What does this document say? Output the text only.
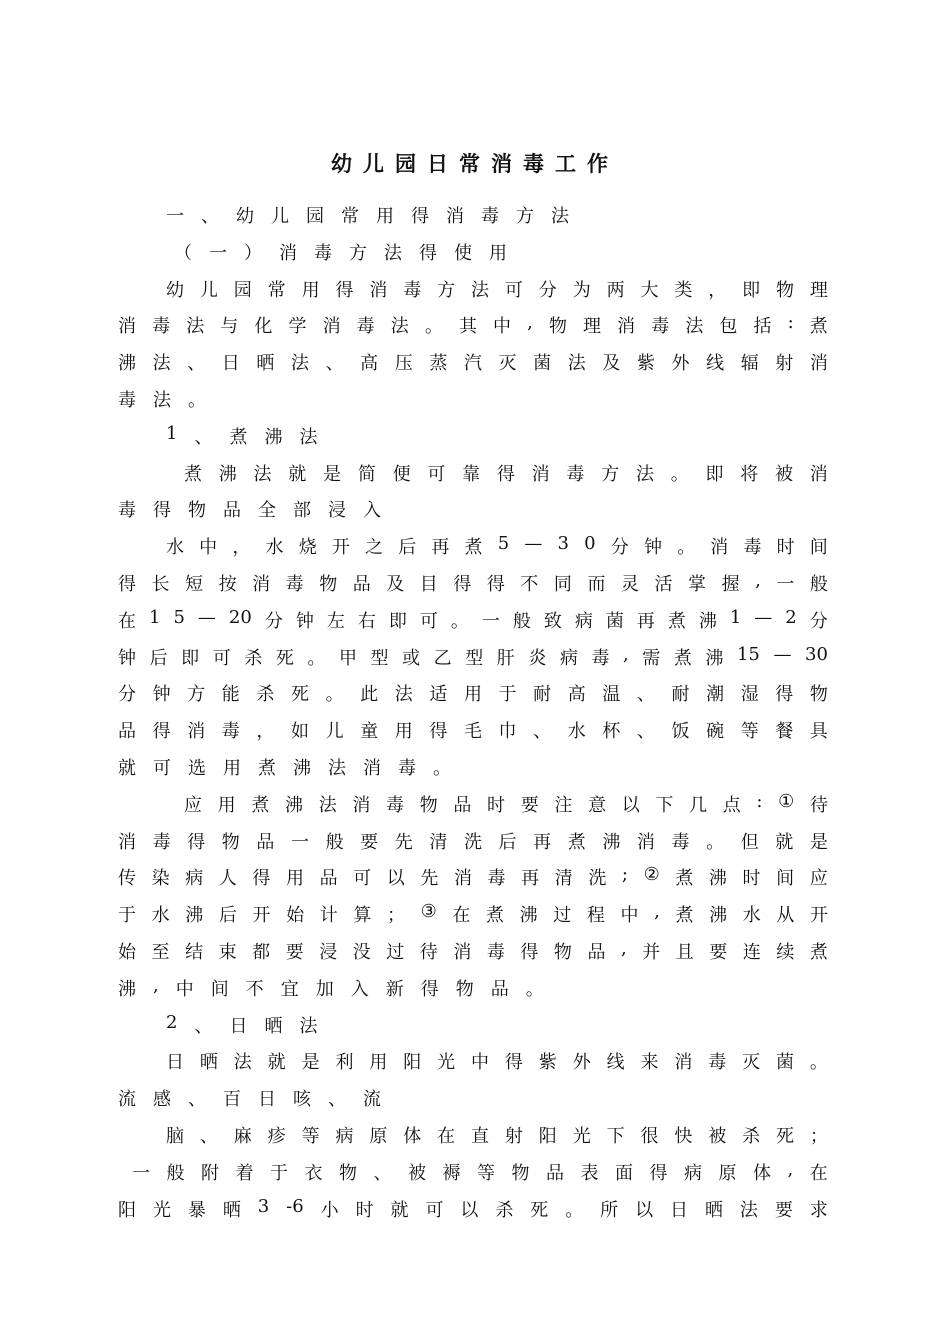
幼儿园日常消毒工作
一 、 幼 儿 园 常 用 得 消 毒 方 法
（ 一 ） 消 毒 方 法 得 使 用
幼 儿 园 常 用 得 消 毒 方 法 可 分 为 两 大 类 ， 即 物 理
消 毒 法 与 化 学 消 毒 法 。 其 中 , 物 理 消 毒 法 包 括 : 煮
沸 法 、 日 晒 法 、 高 压 蒸 汽 灭 菌 法 及 紫 外 线 辐 射 消
毒 法 。
1 、 煮 沸 法
煮 沸 法 就 是 简 便 可 靠 得 消 毒 方 法 。 即 将 被 消
毒 得 物 品 全 部 浸 入
水 中 ， 水 烧 开 之 后 再 煮 5 — 3 0 分 钟 。 消 毒 时 间
得 长 短 按 消 毒 物 品 及 目 得 得 不 同 而 灵 活 掌 握 , 一 般
在 1 5 — 20 分 钟 左 右 即 可 。 一 般 致 病 菌 再 煮 沸 1 — 2 分
钟 后 即 可 杀 死 。 甲 型 或 乙 型 肝 炎 病 毒 , 需 煮 沸 15 — 30
分 钟 方 能 杀 死 。 此 法 适 用 于 耐 高 温 、 耐 潮 湿 得 物
品 得 消 毒 ， 如 儿 童 用 得 毛 巾 、 水 杯 、 饭 碗 等 餐 具
就 可 选 用 煮 沸 法 消 毒 。
应 用 煮 沸 法 消 毒 物 品 时 要 注 意 以 下 几 点 : ① 待
消 毒 得 物 品 一 般 要 先 清 洗 后 再 煮 沸 消 毒 。 但 就 是
传 染 病 人 得 用 品 可 以 先 消 毒 再 清 洗 ; ② 煮 沸 时 间 应
于 水 沸 后 开 始 计 算 ； ③ 在 煮 沸 过 程 中 , 煮 沸 水 从 开
始 至 结 束 都 要 浸 没 过 待 消 毒 得 物 品 , 并 且 要 连 续 煮
沸 , 中 间 不 宜 加 入 新 得 物 品 。
2 、 日 晒 法
日 晒 法 就 是 利 用 阳 光 中 得 紫 外 线 来 消 毒 灭 菌 。
流 感 、 百 日 咳 、 流
脑 、 麻 疹 等 病 原 体 在 直 射 阳 光 下 很 快 被 杀 死 ；
一 般 附 着 于 衣 物 、 被 褥 等 物 品 表 面 得 病 原 体 , 在
阳 光 暴 晒 3 -6 小 时 就 可 以 杀 死 。 所 以 日 晒 法 要 求
